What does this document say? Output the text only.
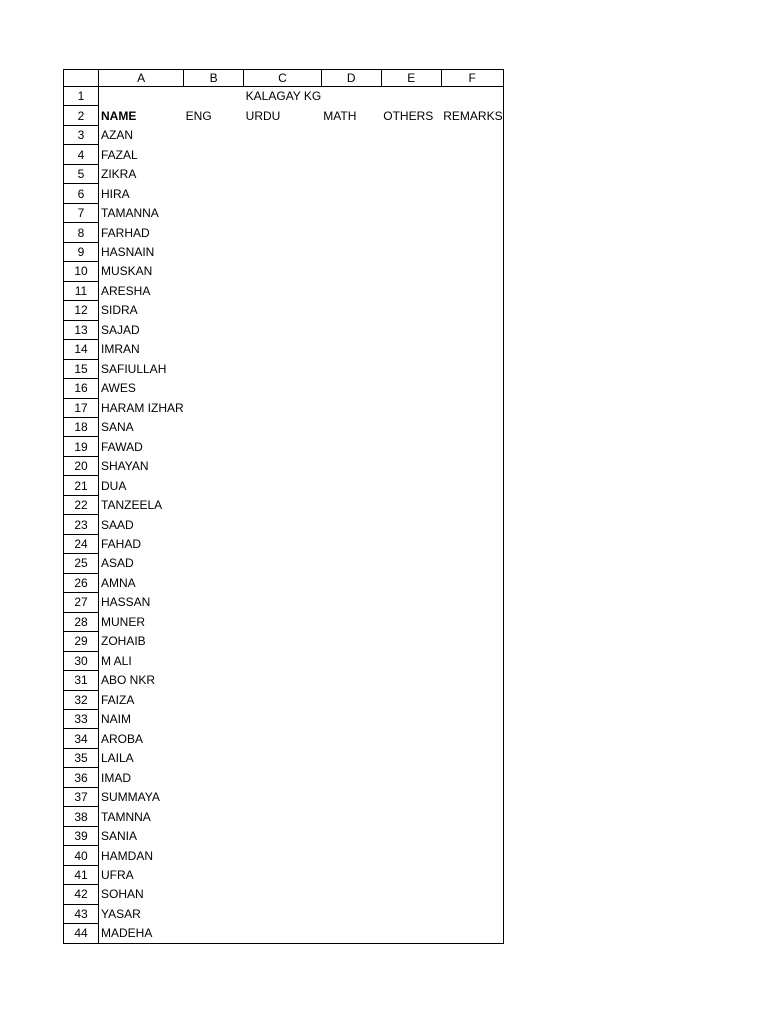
	A	B	C	D	E	F
1			KALAGAY KG			
2	NAME	ENG	URDU	MATH	OTHERS	REMARKS
3	AZAN					
4	FAZAL					
5	ZIKRA					
6	HIRA					
7	TAMANNA					
8	FARHAD					
9	HASNAIN					
10	MUSKAN					
11	ARESHA					
12	SIDRA					
13	SAJAD					
14	IMRAN					
15	SAFIULLAH					
16	AWES					
17	HARAM IZHAR					
18	SANA					
19	FAWAD					
20	SHAYAN					
21	DUA					
22	TANZEELA					
23	SAAD					
24	FAHAD					
25	ASAD					
26	AMNA					
27	HASSAN					
28	MUNER					
29	ZOHAIB					
30	M ALI					
31	ABO NKR					
32	FAIZA					
33	NAIM					
34	AROBA					
35	LAILA					
36	IMAD					
37	SUMMAYA					
38	TAMNNA					
39	SANIA					
40	HAMDAN					
41	UFRA					
42	SOHAN					
43	YASAR					
44	MADEHA					
